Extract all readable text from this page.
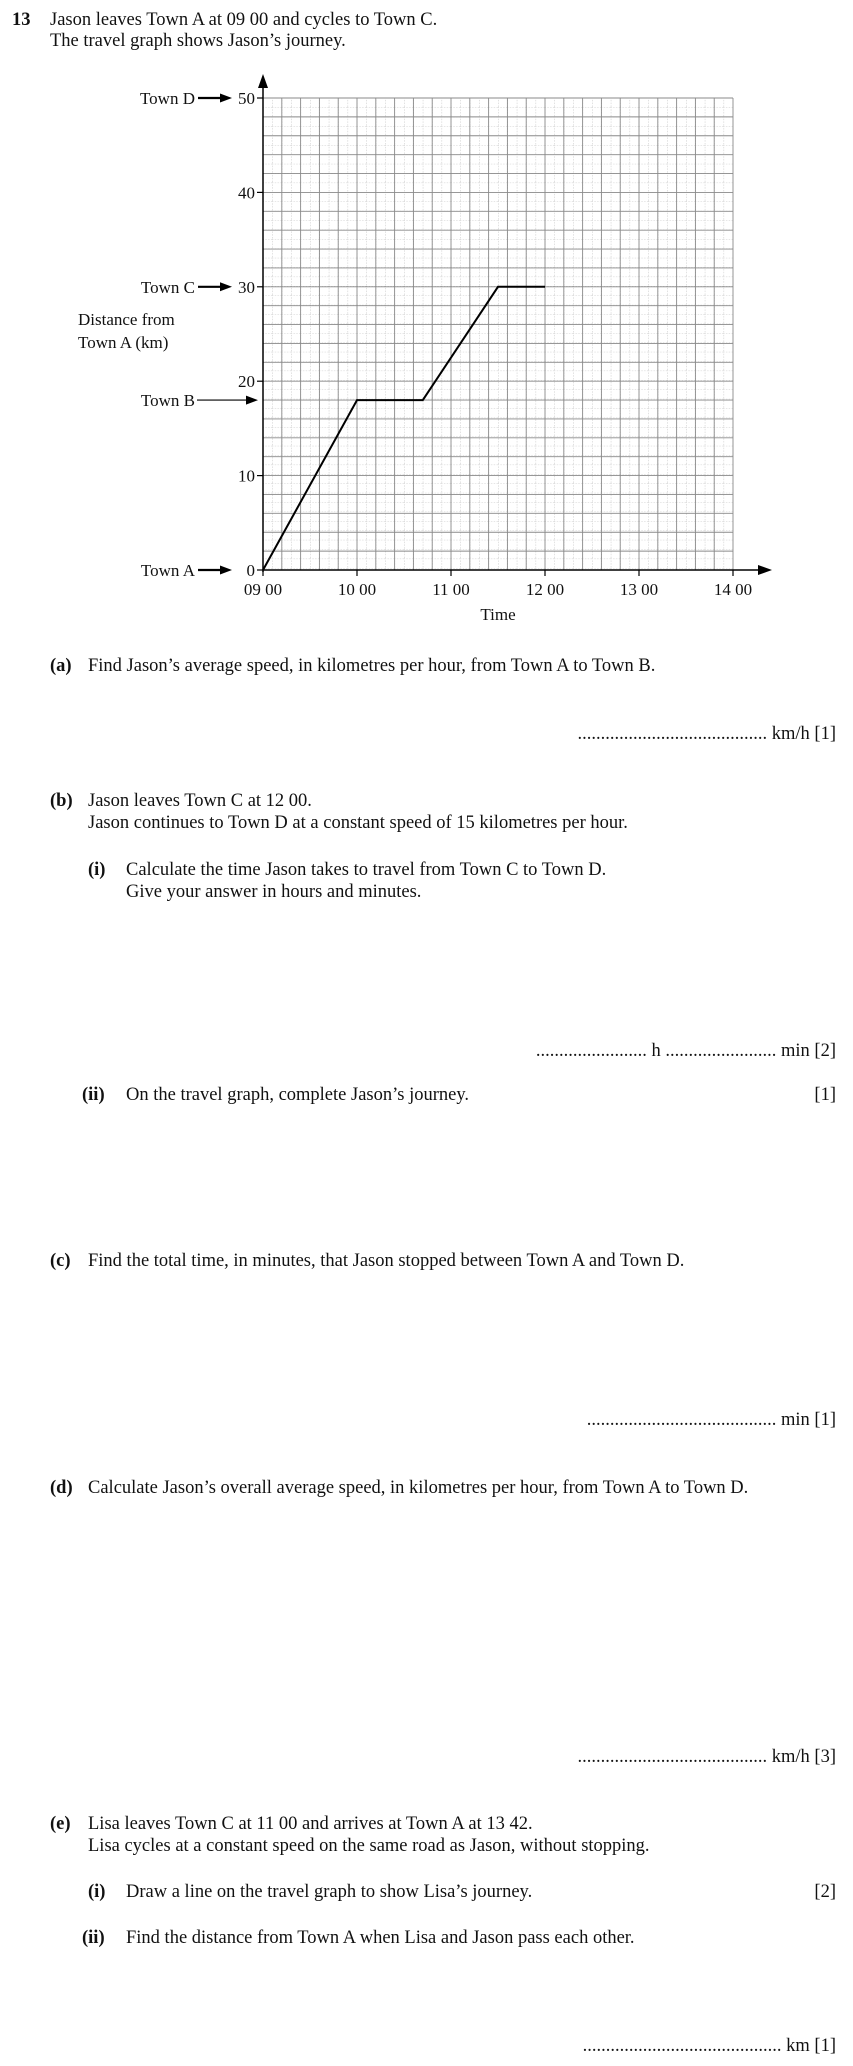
13 Jason leaves Town A at 09 00 and cycles to Town C.
The travel graph shows Jason’s journey.
0
10
20
30
40
50
09 00	10 00	11 00	12 00	13 00	14 00
Town D
Town C
Town B
Town A
Distance from
Town A (km)
Time
(a) Find Jason’s average speed, in kilometres per hour, from Town A to Town B.
......................................... km/h [1]
(b) Jason leaves Town C at 12 00.
Jason continues to Town D at a constant speed of 15 kilometres per hour.
(i) Calculate the time Jason takes to travel from Town C to Town D.
Give your answer in hours and minutes.
........................ h ........................ min [2]
(ii) On the travel graph, complete Jason’s journey.	[1]
(c) Find the total time, in minutes, that Jason stopped between Town A and Town D.
......................................... min [1]
(d) Calculate Jason’s overall average speed, in kilometres per hour, from Town A to Town D.
......................................... km/h [3]
(e) Lisa leaves Town C at 11 00 and arrives at Town A at 13 42.
Lisa cycles at a constant speed on the same road as Jason, without stopping.
(i) Draw a line on the travel graph to show Lisa’s journey.	[2]
(ii) Find the distance from Town A when Lisa and Jason pass each other.
........................................... km [1]
